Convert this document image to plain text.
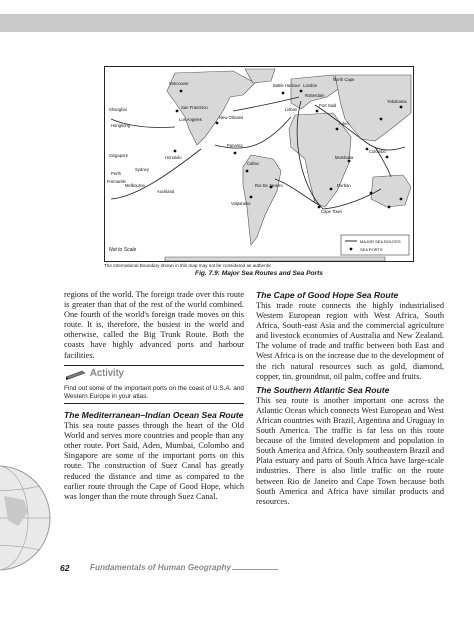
North Cape
Battle Harbour London
Rotterdam
Lisbon
Vancouver
San Francisco
Los Angeles	New Orleans
Panama
Honolulu
Callao
Rio De Janeiro
Valparaiso
Shanghai
Yokohama
Hongkong
Singapore
Perth
Sydney
Melbourne
Fremantle
Auckland
Aden
Mombasa
Colombo
Durban
Cape Town
Port Said
Not to Scale
MAJOR SEA ROUTES
SEA PORTS
The International Boundary shown in this map may not be considered as authentic
Fig. 7.9: Major Sea Routes and Sea Ports

regions of the world. The foreign trade over this route is greater than that of the rest of the world combined. One fourth of the world's foreign trade moves on this route. It is, therefore, the busiest in the world and otherwise, called the Big Trunk Route. Both the coasts have highly advanced ports and harbour facilities.

Activity
Find out some of the important ports on the coast of U.S.A. and Western Europe in your atlas.
The Mediterranean–Indian Ocean Sea Route

This sea route passes through the heart of the Old World and serves more countries and people than any other route. Port Said, Aden, Mumbai, Colombo and Singapore are some of the important ports on this route. The construction of Suez Canal has greatly reduced the distance and time as compared to the earlier route through the Cape of Good Hope, which was longer than the route through Suez Canal.

The Cape of Good Hope Sea Route

This trade route connects the highly industrialised Western European region with West Africa, South Africa, South-east Asia and the commercial agriculture and livestock economies of Australia and New Zealand. The volume of trade and traffic between both East and West Africa is on the increase due to the development of the rich natural resources such as gold, diamond, copper, tin, groundnut, oil palm, coffee and fruits.

The Southern Atlantic Sea Route

This sea route is another important one across the Atlantic Ocean which connects West European and West African countries with Brazil, Argentina and Uruguay in South America. The traffic is far less on this route because of the limited development and population in South America and Africa. Only southeastern Brazil and Plata estuary and parts of South Africa have large-scale industries. There is also little traffic on the route between Rio de Janeiro and Cape Town because both South America and Africa have similar products and resources.

62	Fundamentals of Human Geography
